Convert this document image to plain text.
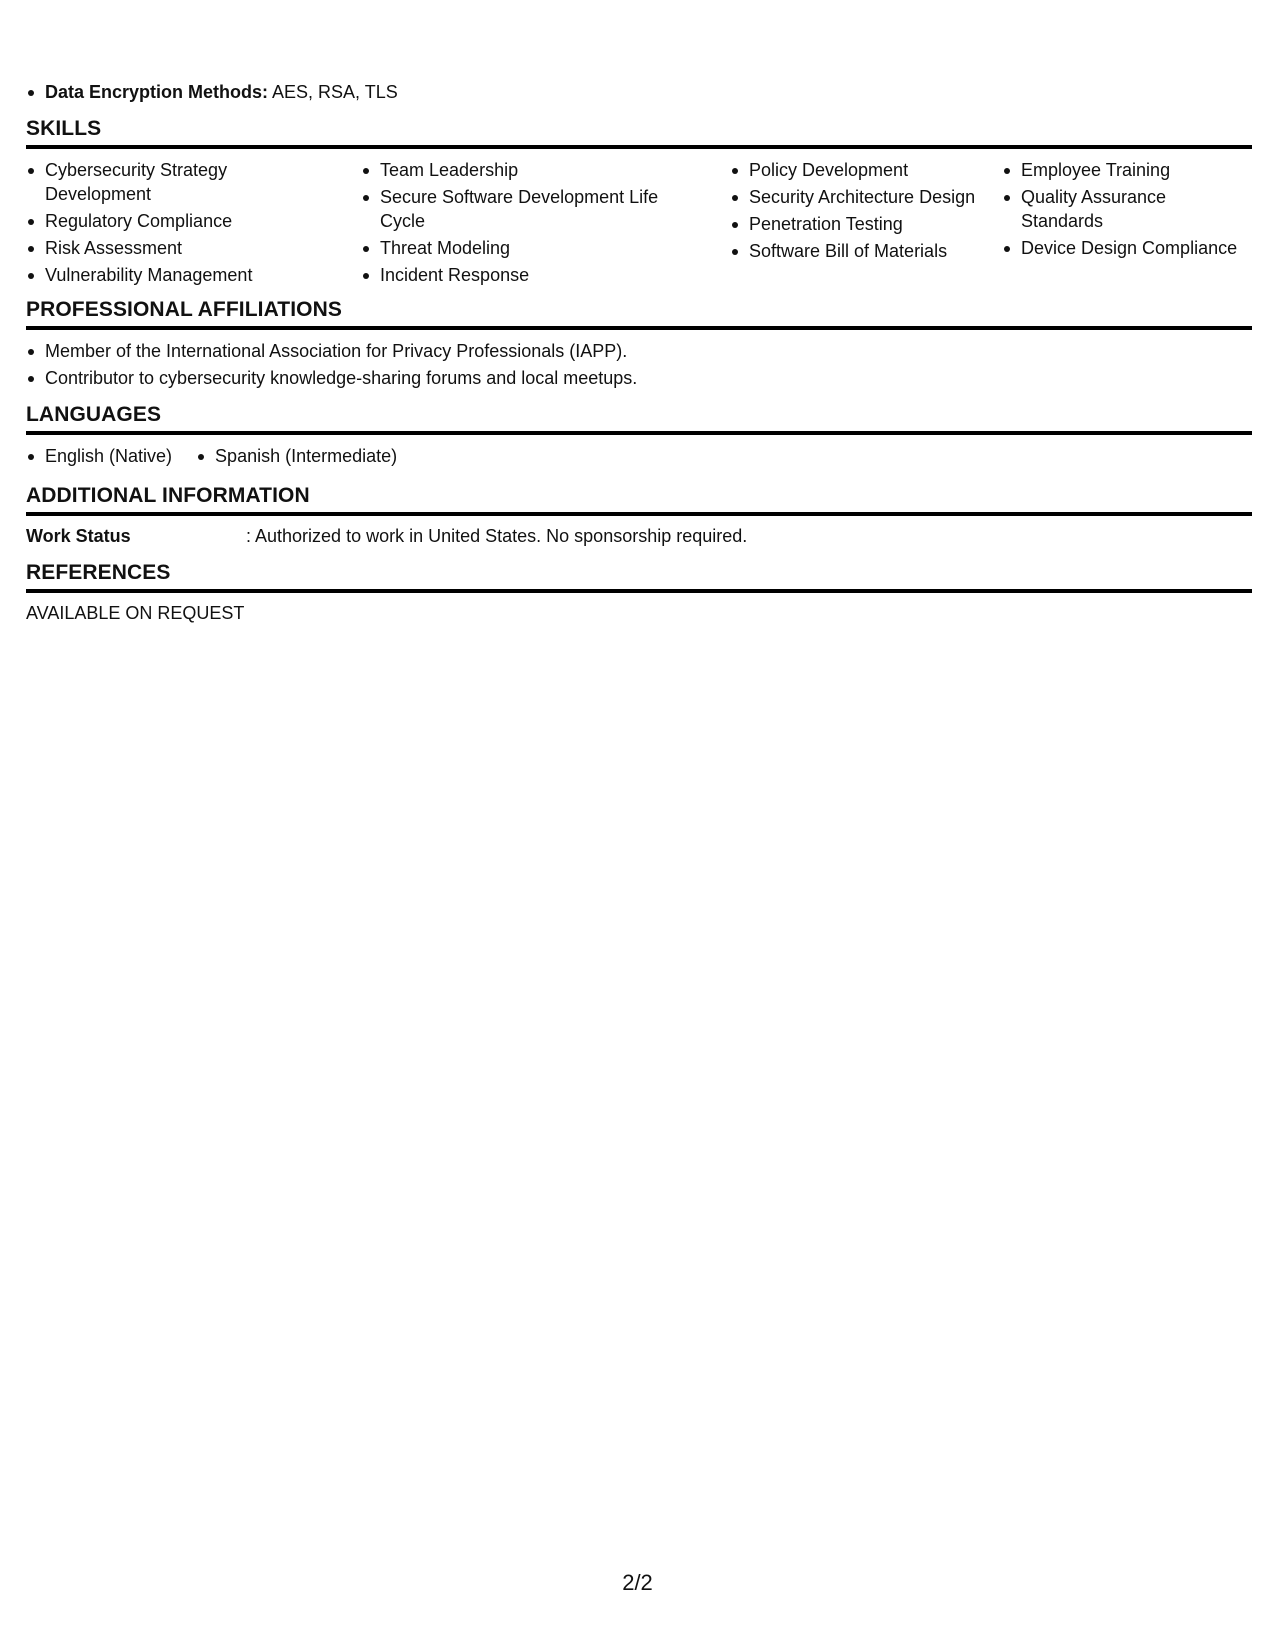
Data Encryption Methods: AES, RSA, TLS
SKILLS
Cybersecurity Strategy Development
Regulatory Compliance
Risk Assessment
Vulnerability Management
Team Leadership
Secure Software Development Life Cycle
Threat Modeling
Incident Response
Policy Development
Security Architecture Design
Penetration Testing
Software Bill of Materials
Employee Training
Quality Assurance Standards
Device Design Compliance
PROFESSIONAL AFFILIATIONS
Member of the International Association for Privacy Professionals (IAPP).
Contributor to cybersecurity knowledge-sharing forums and local meetups.
LANGUAGES
English (Native)	Spanish (Intermediate)
ADDITIONAL INFORMATION
Work Status	: Authorized to work in United States. No sponsorship required.
REFERENCES
AVAILABLE ON REQUEST
2/2
